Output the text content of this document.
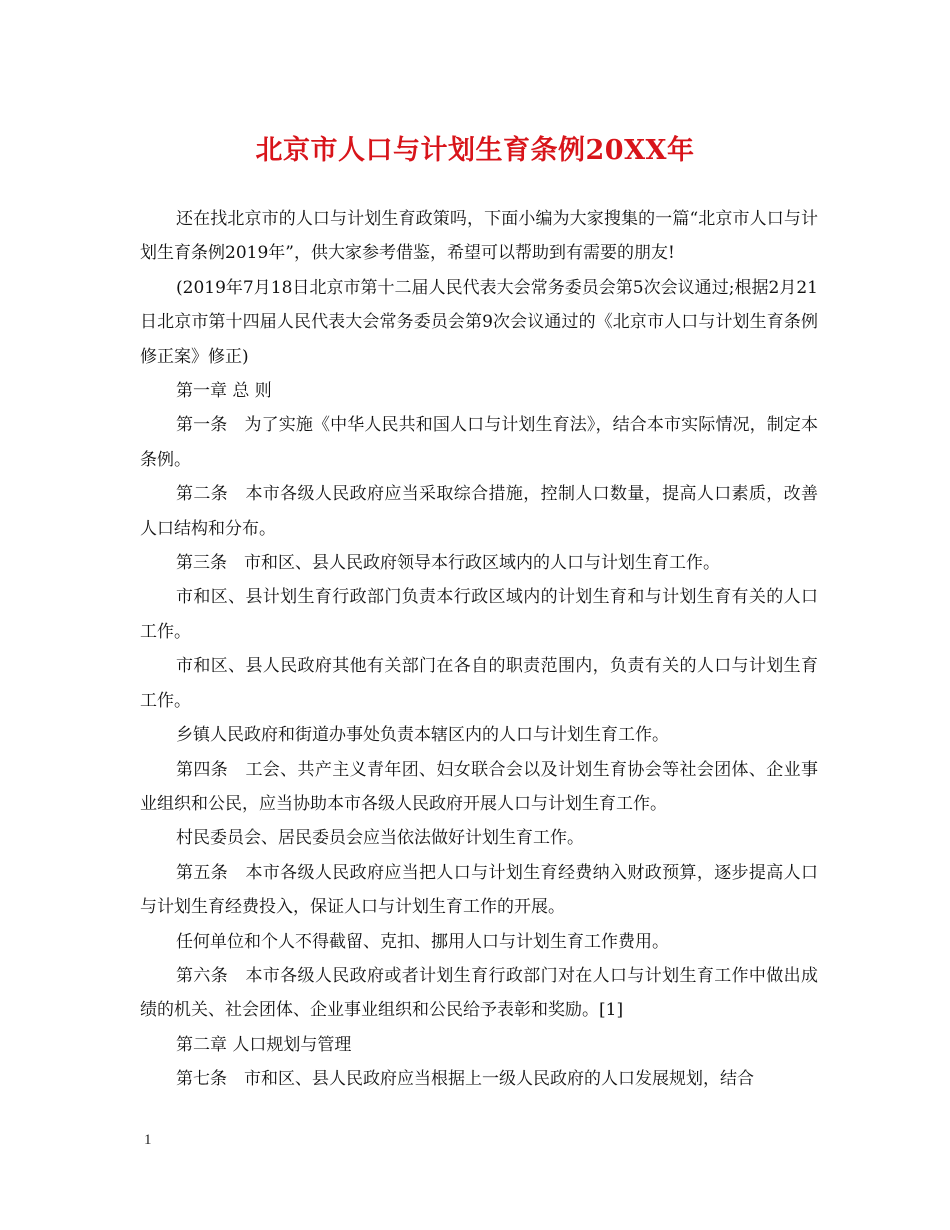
北京市人口与计划生育条例20XX年

还在找北京市的人口与计划生育政策吗，下面小编为大家搜集的一篇“北京市人口与计划生育条例2019年”，供大家参考借鉴，希望可以帮助到有需要的朋友!

(2019年7月18日北京市第十二届人民代表大会常务委员会第5次会议通过;根据2月21日北京市第十四届人民代表大会常务委员会第9次会议通过的《北京市人口与计划生育条例修正案》修正)

第一章 总 则

第一条　为了实施《中华人民共和国人口与计划生育法》，结合本市实际情况，制定本条例。

第二条　本市各级人民政府应当采取综合措施，控制人口数量，提高人口素质，改善人口结构和分布。

第三条　市和区、县人民政府领导本行政区域内的人口与计划生育工作。

市和区、县计划生育行政部门负责本行政区域内的计划生育和与计划生育有关的人口工作。

市和区、县人民政府其他有关部门在各自的职责范围内，负责有关的人口与计划生育工作。

乡镇人民政府和街道办事处负责本辖区内的人口与计划生育工作。

第四条　工会、共产主义青年团、妇女联合会以及计划生育协会等社会团体、企业事业组织和公民，应当协助本市各级人民政府开展人口与计划生育工作。

村民委员会、居民委员会应当依法做好计划生育工作。

第五条　本市各级人民政府应当把人口与计划生育经费纳入财政预算，逐步提高人口与计划生育经费投入，保证人口与计划生育工作的开展。

任何单位和个人不得截留、克扣、挪用人口与计划生育工作费用。

第六条　本市各级人民政府或者计划生育行政部门对在人口与计划生育工作中做出成绩的机关、社会团体、企业事业组织和公民给予表彰和奖励。[1]

第二章 人口规划与管理

第七条　市和区、县人民政府应当根据上一级人民政府的人口发展规划，结合

1
